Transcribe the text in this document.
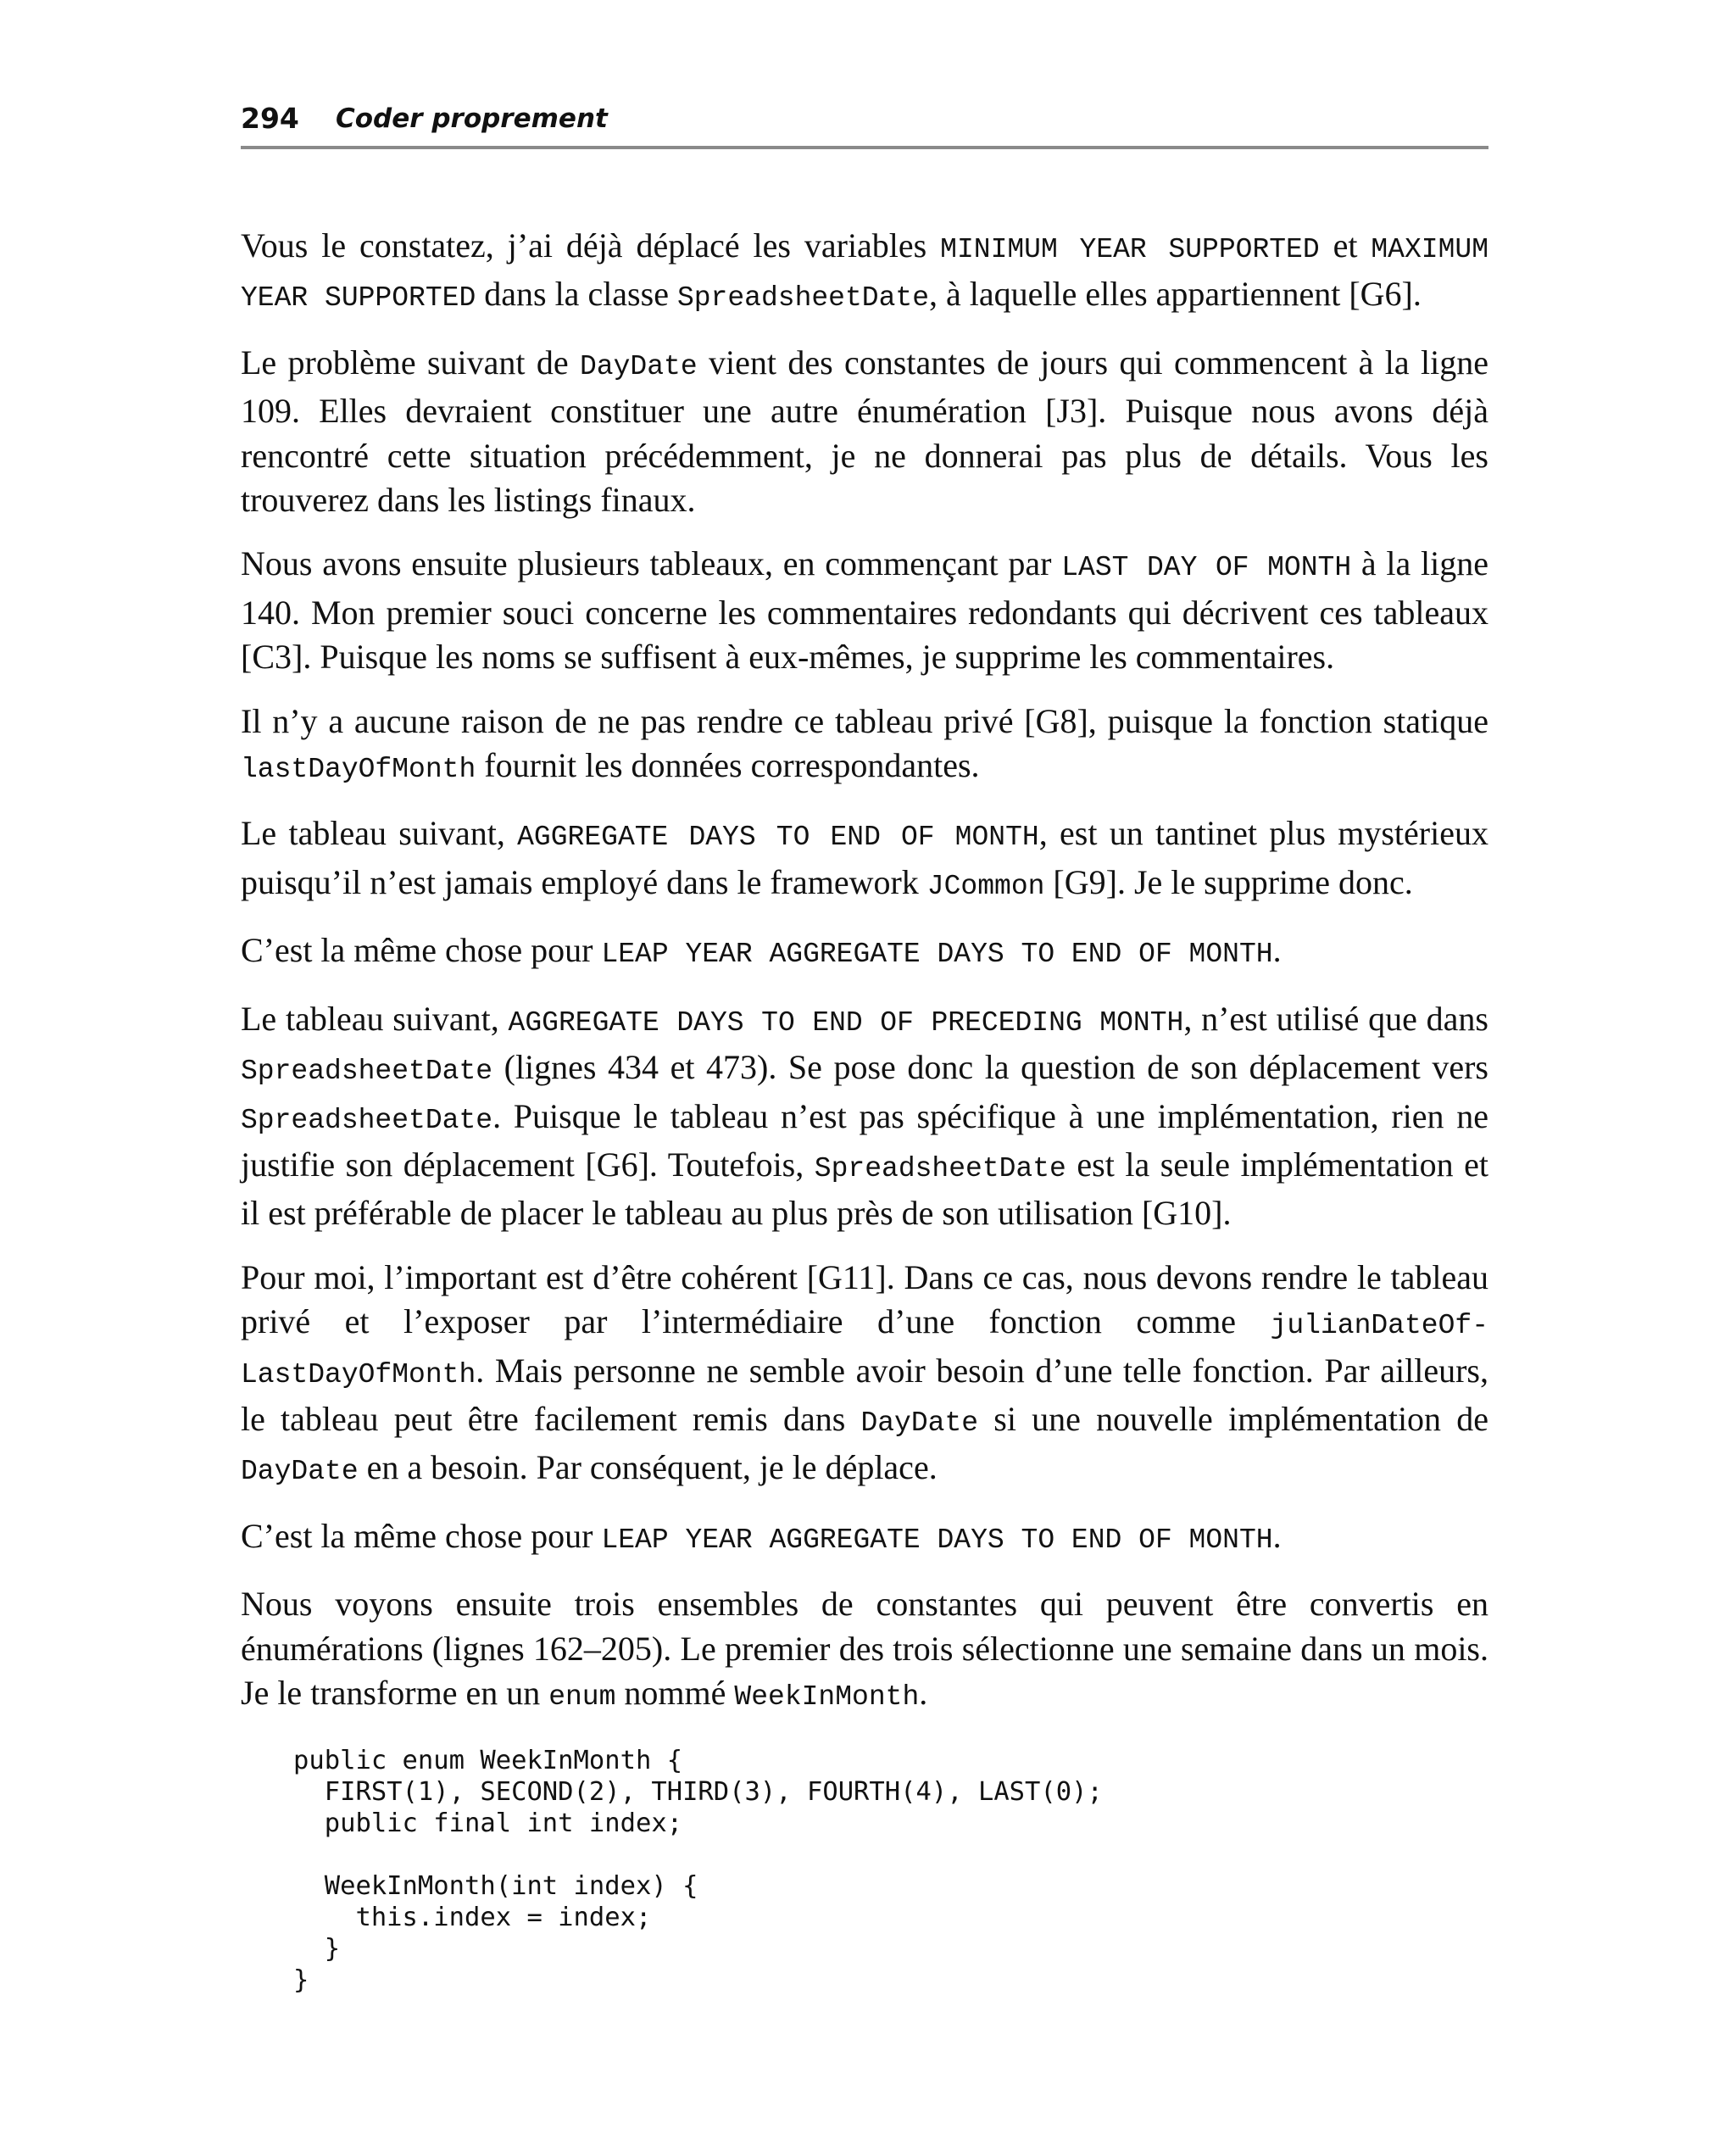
294 Coder proprement

Vous le constatez, j’ai déjà déplacé les variables MINIMUM YEAR SUPPORTED et MAXIMUM YEAR SUPPORTED dans la classe SpreadsheetDate, à laquelle elles appartiennent [G6].

Le problème suivant de DayDate vient des constantes de jours qui commencent à la ligne 109. Elles devraient constituer une autre énumération [J3]. Puisque nous avons déjà rencontré cette situation précédemment, je ne donnerai pas plus de détails. Vous les trouverez dans les listings finaux.

Nous avons ensuite plusieurs tableaux, en commençant par LAST DAY OF MONTH à la ligne 140. Mon premier souci concerne les commentaires redondants qui décrivent ces tableaux [C3]. Puisque les noms se suffisent à eux-mêmes, je supprime les commentaires.

Il n’y a aucune raison de ne pas rendre ce tableau privé [G8], puisque la fonction statique lastDayOfMonth fournit les données correspondantes.

Le tableau suivant, AGGREGATE DAYS TO END OF MONTH, est un tantinet plus mystérieux puisqu’il n’est jamais employé dans le framework JCommon [G9]. Je le supprime donc.

C’est la même chose pour LEAP YEAR AGGREGATE DAYS TO END OF MONTH.

Le tableau suivant, AGGREGATE DAYS TO END OF PRECEDING MONTH, n’est utilisé que dans SpreadsheetDate (lignes 434 et 473). Se pose donc la question de son déplacement vers SpreadsheetDate. Puisque le tableau n’est pas spécifique à une implémentation, rien ne justifie son déplacement [G6]. Toutefois, SpreadsheetDate est la seule implémentation et il est préférable de placer le tableau au plus près de son utilisation [G10].

Pour moi, l’important est d’être cohérent [G11]. Dans ce cas, nous devons rendre le tableau privé et l’exposer par l’intermédiaire d’une fonction comme julianDateOfLastDayOfMonth. Mais personne ne semble avoir besoin d’une telle fonction. Par ailleurs, le tableau peut être facilement remis dans DayDate si une nouvelle implémentation de DayDate en a besoin. Par conséquent, je le déplace.

C’est la même chose pour LEAP YEAR AGGREGATE DAYS TO END OF MONTH.

Nous voyons ensuite trois ensembles de constantes qui peuvent être convertis en énumérations (lignes 162–205). Le premier des trois sélectionne une semaine dans un mois. Je le transforme en un enum nommé WeekInMonth.

public enum WeekInMonth {
FIRST(1), SECOND(2), THIRD(3), FOURTH(4), LAST(0);
public final int index;
WeekInMonth(int index) {
this.index = index;
}
}
